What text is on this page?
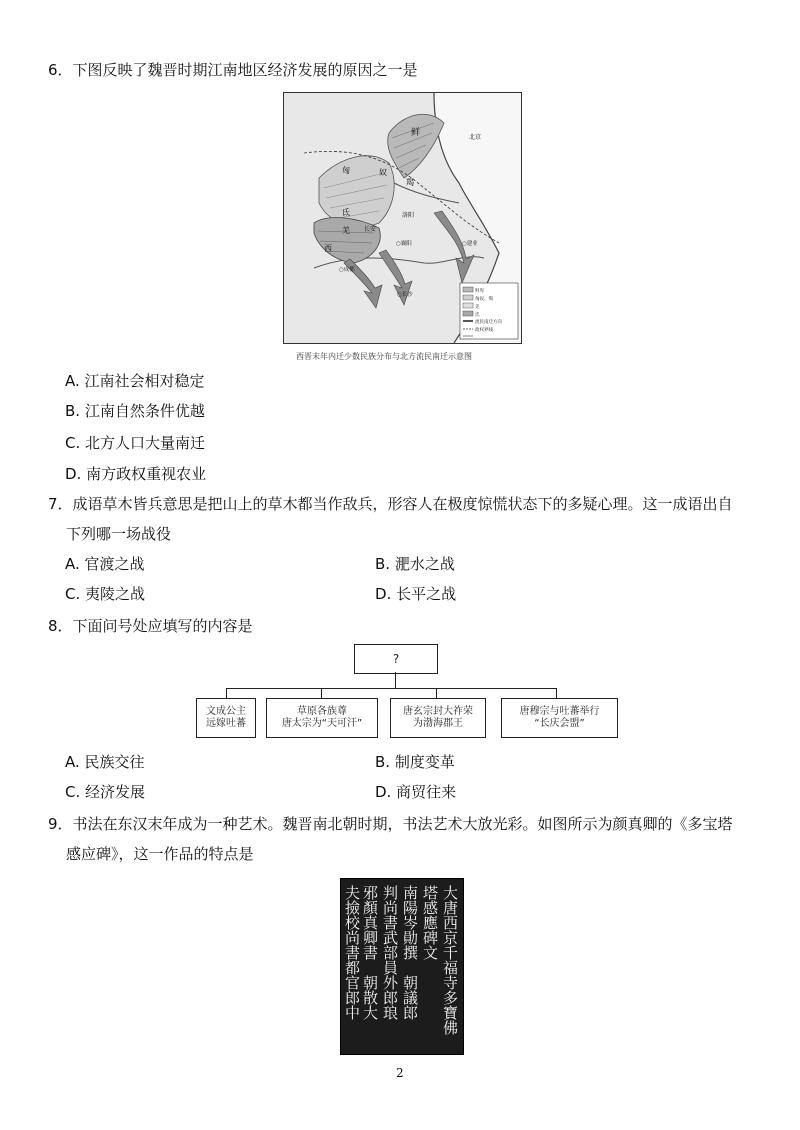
6．下图反映了魏晋时期江南地区经济发展的原因之一是
鲜卑
匈奴、羯
羌
氐
流民南迁方向
政权界线
鲜	北京
匈	奴
羯
氐
羌
洛阳
长安
西
○成都
○襄阳	○建业
○长沙
西晋末年内迁少数民族分布与北方流民南迁示意图
A. 江南社会相对稳定
B. 江南自然条件优越
C. 北方人口大量南迁
D. 南方政权重视农业
7．成语草木皆兵意思是把山上的草木都当作敌兵，形容人在极度惊慌状态下的多疑心理。这一成语出自
下列哪一场战役
A. 官渡之战	B. 淝水之战
C. 夷陵之战	D. 长平之战
8．下面问号处应填写的内容是
?
文成公主
远嫁吐蕃
草原各族尊
唐太宗为“天可汗”
唐玄宗封大祚荣
为渤海郡王
唐穆宗与吐蕃举行
“长庆会盟”
A. 民族交往	B. 制度变革
C. 经济发展	D. 商贸往来
9．书法在东汉末年成为一种艺术。魏晋南北朝时期，书法艺术大放光彩。如图所示为颜真卿的《多宝塔
感应碑》，这一作品的特点是
大唐西京千福寺多寶佛
塔感應碑文
南陽岑勛撰　朝議郎
判尚書武部員外郎琅
邪顏真卿書　朝散大
夫撿校尚書都官郎中
2
